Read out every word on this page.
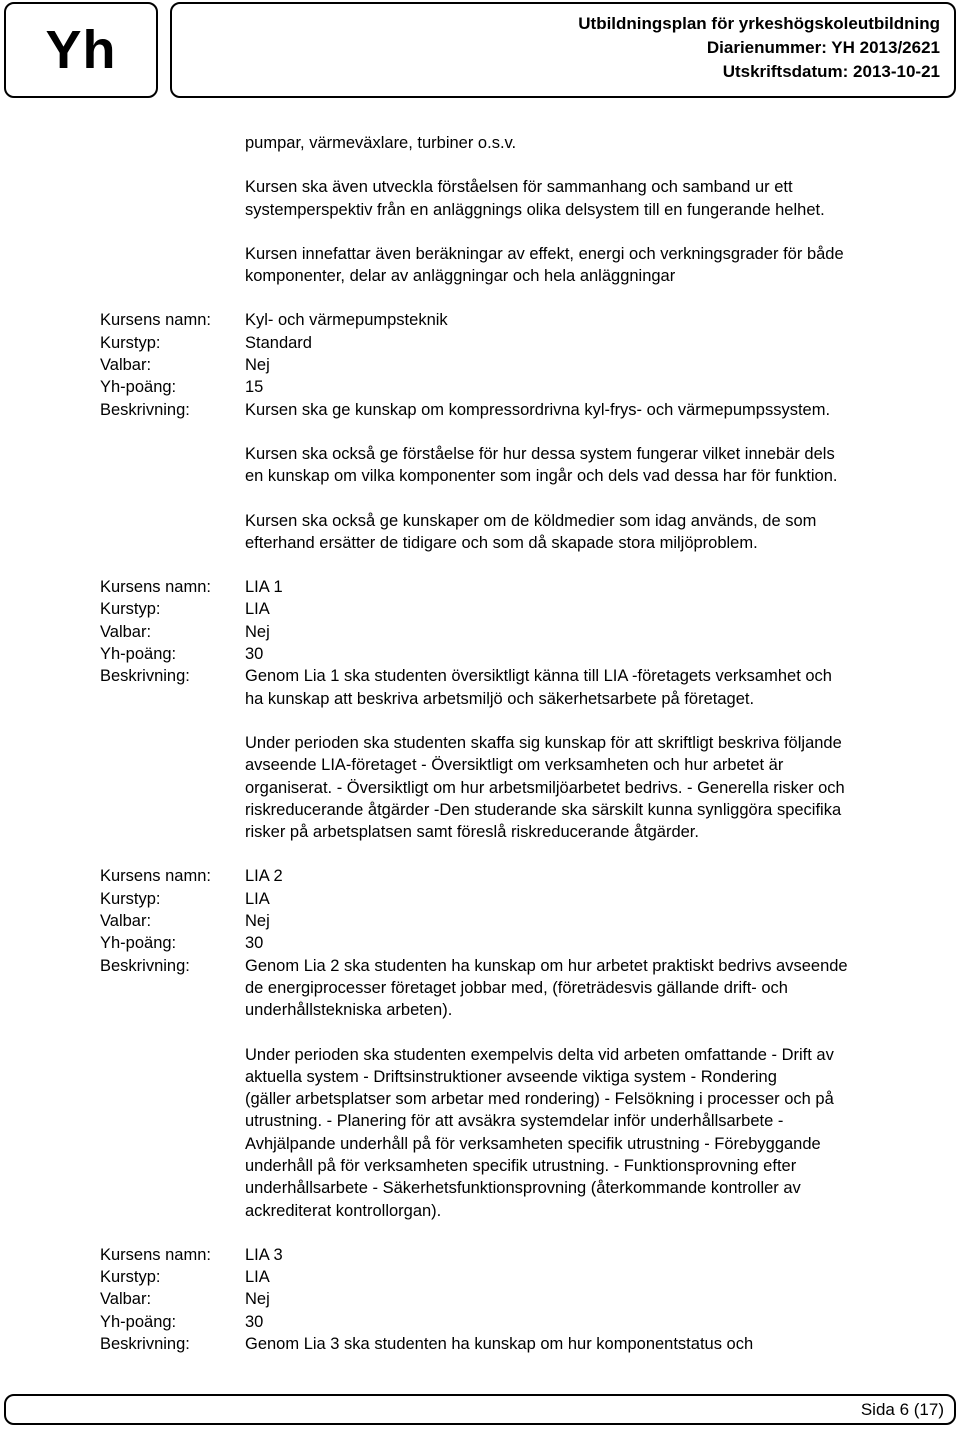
Yh	Utbildningsplan för yrkeshögskoleutbildning
Diarienummer: YH 2013/2621
Utskriftsdatum: 2013-10-21
pumpar, värmeväxlare, turbiner o.s.v.
Kursen ska även utveckla förståelsen för sammanhang och samband ur ett
systemperspektiv från en anläggnings olika delsystem till en fungerande helhet.
Kursen innefattar även beräkningar av effekt, energi och verkningsgrader för både
komponenter, delar av anläggningar och hela anläggningar
Kursens namn:	Kyl- och värmepumpsteknik
Kurstyp:	Standard
Valbar:	Nej
Yh-poäng:	15
Beskrivning:	Kursen ska ge kunskap om kompressordrivna kyl-frys- och värmepumpssystem.
Kursen ska också ge förståelse för hur dessa system fungerar vilket innebär dels
en kunskap om vilka komponenter som ingår och dels vad dessa har för funktion.
Kursen ska också ge kunskaper om de köldmedier som idag används, de som
efterhand ersätter de tidigare och som då skapade stora miljöproblem.
Kursens namn:	LIA 1
Kurstyp:	LIA
Valbar:	Nej
Yh-poäng:	30
Beskrivning:	Genom Lia 1 ska studenten översiktligt känna till LIA -företagets verksamhet och
ha kunskap att beskriva arbetsmiljö och säkerhetsarbete på företaget.
Under perioden ska studenten skaffa sig kunskap för att skriftligt beskriva följande
avseende LIA-företaget - Översiktligt om verksamheten och hur arbetet är
organiserat. - Översiktligt om hur arbetsmiljöarbetet bedrivs. - Generella risker och
riskreducerande åtgärder -Den studerande ska särskilt kunna synliggöra specifika
risker på arbetsplatsen samt föreslå riskreducerande åtgärder.
Kursens namn:	LIA 2
Kurstyp:	LIA
Valbar:	Nej
Yh-poäng:	30
Beskrivning:	Genom Lia 2 ska studenten ha kunskap om hur arbetet praktiskt bedrivs avseende
de energiprocesser företaget jobbar med, (företrädesvis gällande drift- och
underhållstekniska arbeten).
Under perioden ska studenten exempelvis delta vid arbeten omfattande - Drift av
aktuella system - Driftsinstruktioner avseende viktiga system - Rondering
(gäller arbetsplatser som arbetar med rondering) - Felsökning i processer och på
utrustning. - Planering för att avsäkra systemdelar inför underhållsarbete -
Avhjälpande underhåll på för verksamheten specifik utrustning - Förebyggande
underhåll på för verksamheten specifik utrustning. - Funktionsprovning efter
underhållsarbete - Säkerhetsfunktionsprovning (återkommande kontroller av
ackrediterat kontrollorgan).
Kursens namn:	LIA 3
Kurstyp:	LIA
Valbar:	Nej
Yh-poäng:	30
Beskrivning:	Genom Lia 3 ska studenten ha kunskap om hur komponentstatus och
Sida 6 (17)
